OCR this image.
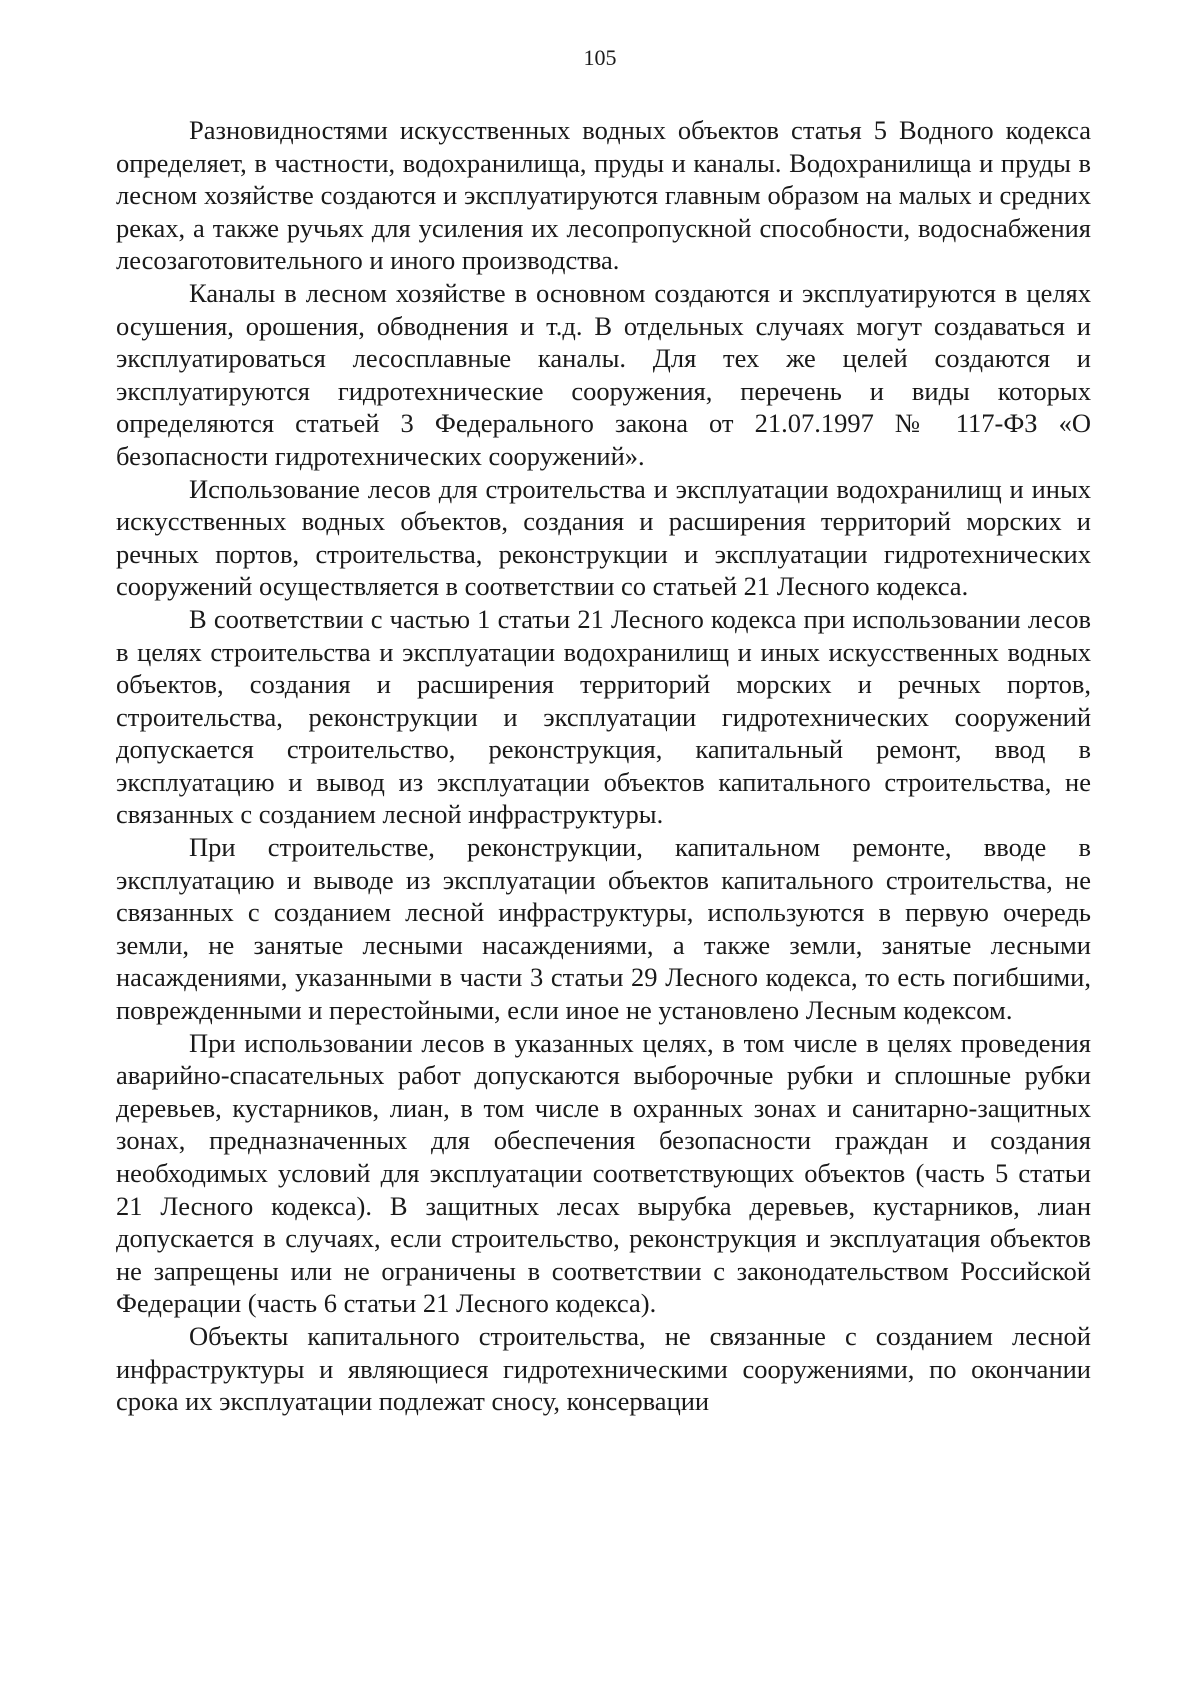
105

Разновидностями искусственных водных объектов статья 5 Водного кодекса определяет, в частности, водохранилища, пруды и каналы. Водохранилища и пруды в лесном хозяйстве создаются и эксплуатируются главным образом на малых и средних реках, а также ручьях для усиления их лесопропускной способности, водоснабжения лесозаготовительного и иного производства.

Каналы в лесном хозяйстве в основном создаются и эксплуатируются в целях осушения, орошения, обводнения и т.д. В отдельных случаях могут создаваться и эксплуатироваться лесосплавные каналы. Для тех же целей создаются и эксплуатируются гидротехнические сооружения, перечень и виды которых определяются статьей 3 Федерального закона от 21.07.1997 № 117-ФЗ «О безопасности гидротехнических сооружений».

Использование лесов для строительства и эксплуатации водохранилищ и иных искусственных водных объектов, создания и расширения территорий морских и речных портов, строительства, реконструкции и эксплуатации гидротехнических сооружений осуществляется в соответствии со статьей 21 Лесного кодекса.

В соответствии с частью 1 статьи 21 Лесного кодекса при использовании лесов в целях строительства и эксплуатации водохранилищ и иных искусственных водных объектов, создания и расширения территорий морских и речных портов, строительства, реконструкции и эксплуатации гидротехнических сооружений допускается строительство, реконструкция, капитальный ремонт, ввод в эксплуатацию и вывод из эксплуатации объектов капитального строительства, не связанных с созданием лесной инфраструктуры.

При строительстве, реконструкции, капитальном ремонте, вводе в эксплуатацию и выводе из эксплуатации объектов капитального строительства, не связанных с созданием лесной инфраструктуры, используются в первую очередь земли, не занятые лесными насаждениями, а также земли, занятые лесными насаждениями, указанными в части 3 статьи 29 Лесного кодекса, то есть погибшими, поврежденными и перестойными, если иное не установлено Лесным кодексом.

При использовании лесов в указанных целях, в том числе в целях проведения аварийно-спасательных работ допускаются выборочные рубки и сплошные рубки деревьев, кустарников, лиан, в том числе в охранных зонах и санитарно-защитных зонах, предназначенных для обеспечения безопасности граждан и создания необходимых условий для эксплуатации соответствующих объектов (часть 5 статьи 21 Лесного кодекса). В защитных лесах вырубка деревьев, кустарников, лиан допускается в случаях, если строительство, реконструкция и эксплуатация объектов не запрещены или не ограничены в соответствии с законодательством Российской Федерации (часть 6 статьи 21 Лесного кодекса).

Объекты капитального строительства, не связанные с созданием лесной инфраструктуры и являющиеся гидротехническими сооружениями, по окончании срока их эксплуатации подлежат сносу, консервации
